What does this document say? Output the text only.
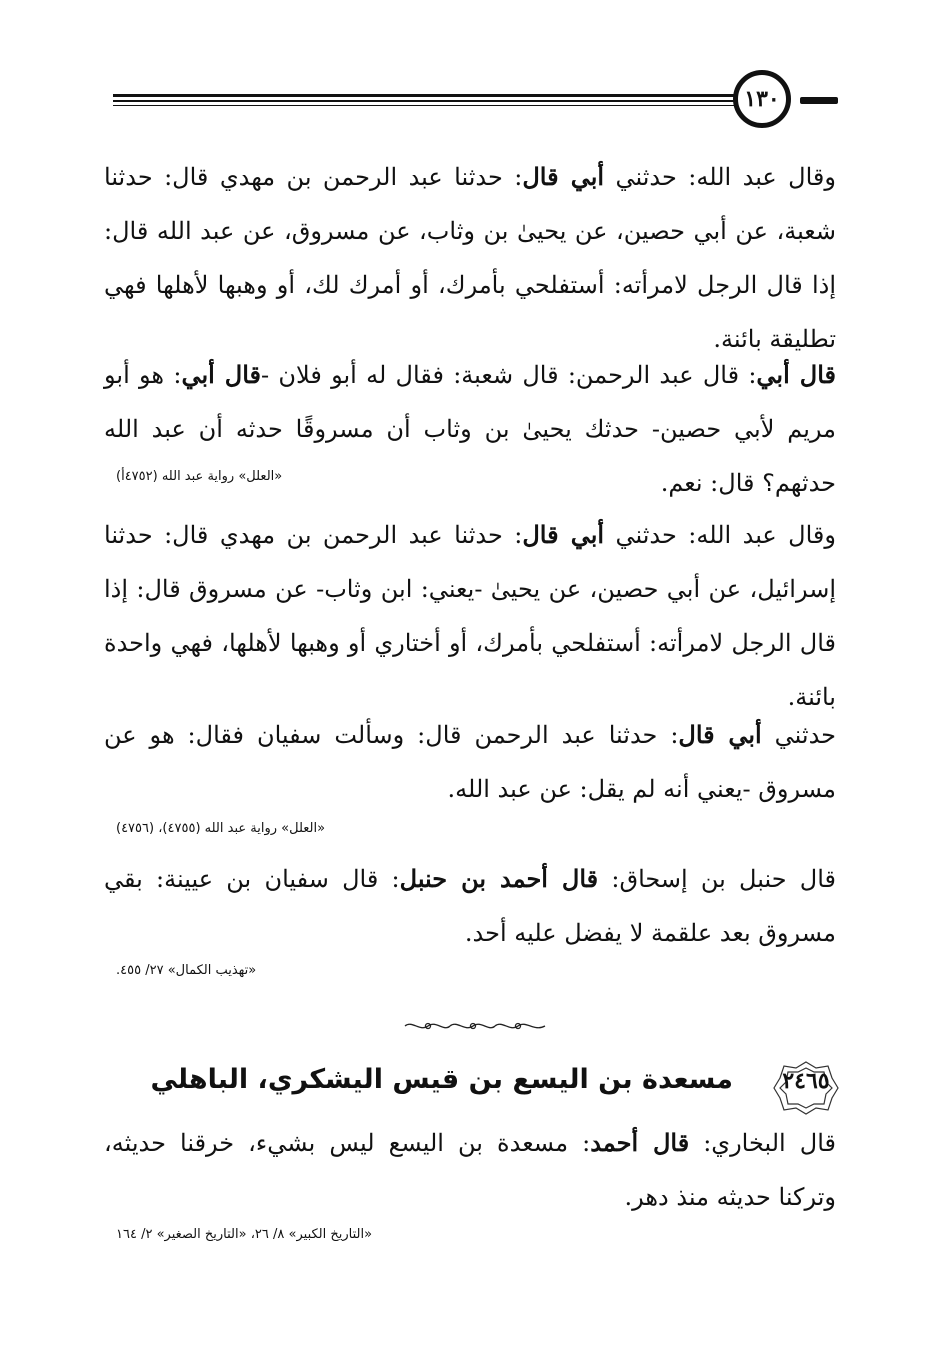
١٣٠
وقال عبد الله: حدثني أبي قال: حدثنا عبد الرحمن بن مهدي قال: حدثنا شعبة، عن أبي حصين، عن يحيىٰ بن وثاب، عن مسروق، عن عبد الله قال: إذا قال الرجل لامرأته: أستفلحي بأمرك، أو أمرك لك، أو وهبها لأهلها فهي تطليقة بائنة.
قال أبي: قال عبد الرحمن: قال شعبة: فقال له أبو فلان -قال أبي: هو أبو مريم لأبي حصين- حدثك يحيىٰ بن وثاب أن مسروقًا حدثه أن عبد الله حدثهم؟ قال: نعم.
«العلل» رواية عبد الله (٤٧٥٢أ)
وقال عبد الله: حدثني أبي قال: حدثنا عبد الرحمن بن مهدي قال: حدثنا إسرائيل، عن أبي حصين، عن يحيىٰ -يعني: ابن وثاب- عن مسروق قال: إذا قال الرجل لامرأته: أستفلحي بأمرك، أو أختاري أو وهبها لأهلها، فهي واحدة بائنة.
حدثني أبي قال: حدثنا عبد الرحمن قال: وسألت سفيان فقال: هو عن مسروق -يعني أنه لم يقل: عن عبد الله.
«العلل» رواية عبد الله (٤٧٥٥)، (٤٧٥٦)
قال حنبل بن إسحاق: قال أحمد بن حنبل: قال سفيان بن عيينة: بقي مسروق بعد علقمة لا يفضل عليه أحد.
«تهذيب الكمال» ٢٧/ ٤٥٥.
٢٤٦٥
مسعدة بن اليسع بن قيس اليشكري، الباهلي
قال البخاري: قال أحمد: مسعدة بن اليسع ليس بشيء، خرقنا حديثه، وتركنا حديثه منذ دهر.
«التاريخ الكبير» ٨/ ٢٦، «التاريخ الصغير» ٢/ ١٦٤
